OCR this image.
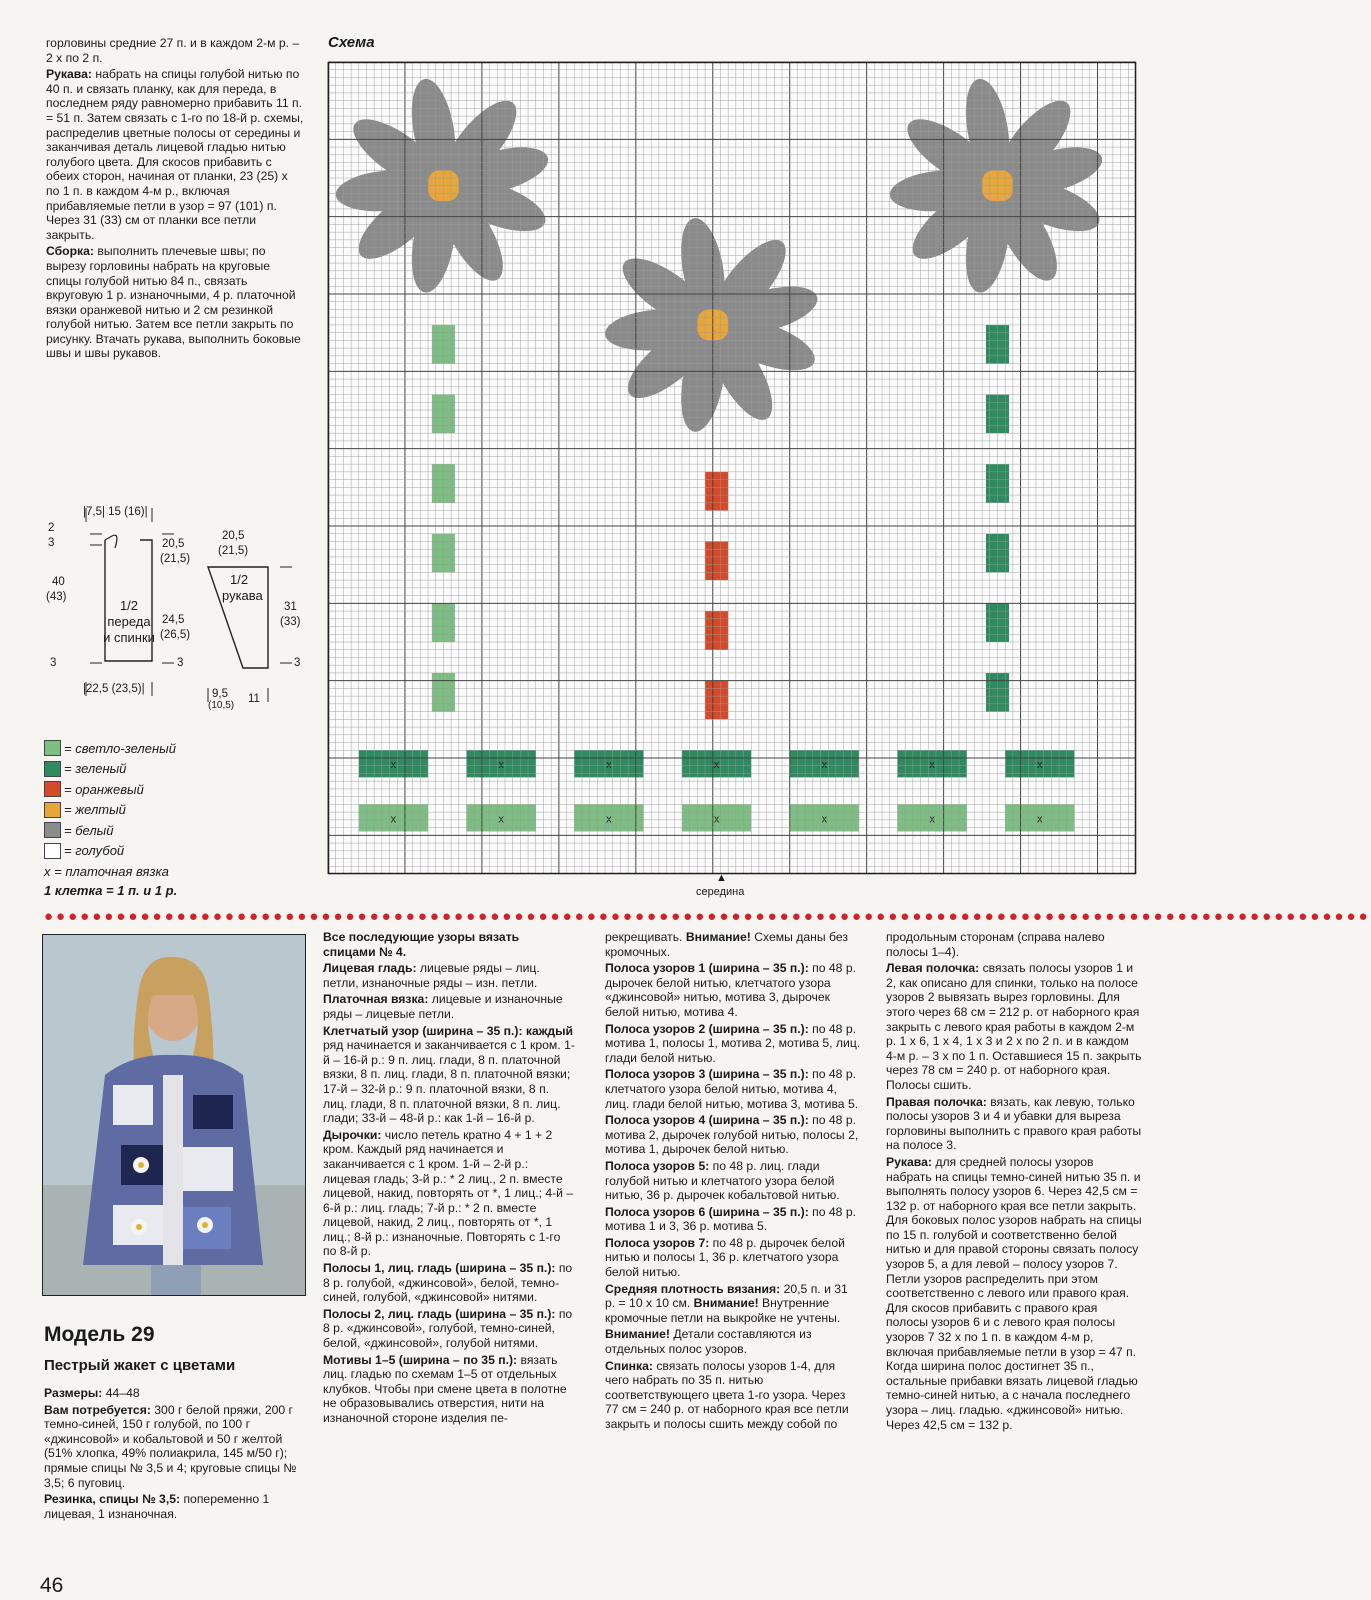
горловины средние 27 п. и в каждом 2-м р. – 2 х по 2 п.

Рукава: набрать на спицы голубой нитью по 40 п. и связать планку, как для переда, в последнем ряду равномерно прибавить 11 п. = 51 п. Затем связать с 1-го по 18-й р. схемы, распределив цветные полосы от середины и заканчивая деталь лицевой гладью нитью голубого цвета. Для скосов прибавить с обеих сторон, начиная от планки, 23 (25) х по 1 п. в каждом 4-м р., включая прибавляемые петли в узор = 97 (101) п. Через 31 (33) см от планки все петли закрыть.

Сборка: выполнить плечевые швы; по вырезу горловины набрать на круговые спицы голубой нитью 84 п., связать вкруговую 1 р. изнаночными, 4 р. платочной вязки оранжевой нитью и 2 см резинкой голубой нитью. Затем все петли закрыть по рисунку. Втачать рукава, выполнить боковые швы и швы рукавов.

|7,5| 15 (16)|
2
3
40
(43)
1/2
переда
и спинки
20,5
(21,5)
24,5
(26,5)
3	3
|22,5 (23,5)|
20,5
(21,5)
1/2
рукава
31
(33)
3
9,5
(10,5)
11
= светло-зеленый
= зеленый
= оранжевый
= желтый
= белый
= голубой
x = платочная вязка
1 клетка = 1 п. и 1 р.
Схема
x
x
x
x
x
x
x
x
x
x
x
x
x
x
▲
середина
●●●●●●●●●●●●●●●●●●●●●●●●●●●●●●●●●●●●●●●●●●●●●●●●●●●●●●●●●●●●●●●●●●●●●●●●●●●●●●●●●●●●●●●●●●●●●●●●●●●●●●●●●●●●●●
Модель 29
Пестрый жакет с цветами

Размеры: 44–48

Вам потребуется: 300 г белой пряжи, 200 г темно-синей, 150 г голубой, по 100 г «джинсовой» и кобальтовой и 50 г желтой (51% хлопка, 49% полиакрила, 145 м/50 г); прямые спицы № 3,5 и 4; круговые спицы № 3,5; 6 пуговиц.

Резинка, спицы № 3,5: попеременно 1 лицевая, 1 изнаночная.

46

Все последующие узоры вязать спицами № 4.

Лицевая гладь: лицевые ряды – лиц. петли, изнаночные ряды – изн. петли.

Платочная вязка: лицевые и изнаночные ряды – лицевые петли.

Клетчатый узор (ширина – 35 п.): каждый ряд начинается и заканчивается с 1 кром. 1-й – 16-й р.: 9 п. лиц. глади, 8 п. платочной вязки, 8 п. лиц. глади, 8 п. платочной вязки; 17-й – 32-й р.: 9 п. платочной вязки, 8 п. лиц. глади, 8 п. платочной вязки, 8 п. лиц. глади; 33-й – 48-й р.: как 1-й – 16-й р.

Дырочки: число петель кратно 4 + 1 + 2 кром. Каждый ряд начинается и заканчивается с 1 кром. 1-й – 2-й р.: лицевая гладь; 3-й р.: * 2 лиц., 2 п. вместе лицевой, накид, повторять от *, 1 лиц.; 4-й – 6-й р.: лиц. гладь; 7-й р.: * 2 п. вместе лицевой, накид, 2 лиц., повторять от *, 1 лиц.; 8-й р.: изнаночные. Повторять с 1-го по 8-й р.

Полосы 1, лиц. гладь (ширина – 35 п.): по 8 р. голубой, «джинсовой», белой, темно-синей, голубой, «джинсовой» нитями.

Полосы 2, лиц. гладь (ширина – 35 п.): по 8 р. «джинсовой», голубой, темно-синей, белой, «джинсовой», голубой нитями.

Мотивы 1–5 (ширина – по 35 п.): вязать лиц. гладью по схемам 1–5 от отдельных клубков. Чтобы при смене цвета в полотне не образовывались отверстия, нити на изнаночной стороне изделия пе-

рекрещивать. Внимание! Схемы даны без кромочных.

Полоса узоров 1 (ширина – 35 п.): по 48 р. дырочек белой нитью, клетчатого узора «джинсовой» нитью, мотива 3, дырочек белой нитью, мотива 4.

Полоса узоров 2 (ширина – 35 п.): по 48 р. мотива 1, полосы 1, мотива 2, мотива 5, лиц. глади белой нитью.

Полоса узоров 3 (ширина – 35 п.): по 48 р. клетчатого узора белой нитью, мотива 4, лиц. глади белой нитью, мотива 3, мотива 5.

Полоса узоров 4 (ширина – 35 п.): по 48 р. мотива 2, дырочек голубой нитью, полосы 2, мотива 1, дырочек белой нитью.

Полоса узоров 5: по 48 р. лиц. глади голубой нитью и клетчатого узора белой нитью, 36 р. дырочек кобальтовой нитью.

Полоса узоров 6 (ширина – 35 п.): по 48 р. мотива 1 и 3, 36 р. мотива 5.

Полоса узоров 7: по 48 р. дырочек белой нитью и полосы 1, 36 р. клетчатого узора белой нитью.

Средняя плотность вязания: 20,5 п. и 31 р. = 10 х 10 см. Внимание! Внутренние кромочные петли на выкройке не учтены.

Внимание! Детали составляются из отдельных полос узоров.

Спинка: связать полосы узоров 1-4, для чего набрать по 35 п. нитью соответствующего цвета 1-го узора. Через 77 см = 240 р. от наборного края все петли закрыть и полосы сшить между собой по

продольным сторонам (справа налево полосы 1–4).

Левая полочка: связать полосы узоров 1 и 2, как описано для спинки, только на полосе узоров 2 вывязать вырез горловины. Для этого через 68 см = 212 р. от наборного края закрыть с левого края работы в каждом 2-м р. 1 х 6, 1 х 4, 1 х 3 и 2 х по 2 п. и в каждом 4-м р. – 3 х по 1 п. Оставшиеся 15 п. закрыть через 78 см = 240 р. от наборного края. Полосы сшить.

Правая полочка: вязать, как левую, только полосы узоров 3 и 4 и убавки для выреза горловины выполнить с правого края работы на полосе 3.

Рукава: для средней полосы узоров набрать на спицы темно-синей нитью 35 п. и выполнять полосу узоров 6. Через 42,5 см = 132 р. от наборного края все петли закрыть. Для боковых полос узоров набрать на спицы по 15 п. голубой и соответственно белой нитью и для правой стороны связать полосу узоров 5, а для левой – полосу узоров 7. Петли узоров распределить при этом соответственно с левого или правого края. Для скосов прибавить с правого края полосы узоров 6 и с левого края полосы узоров 7 32 х по 1 п. в каждом 4-м р, включая прибавляемые петли в узор = 47 п. Когда ширина полос достигнет 35 п., остальные прибавки вязать лицевой гладью темно-синей нитью, а с начала последнего узора – лиц. гладью. «джинсовой» нитью. Через 42,5 см = 132 р.
